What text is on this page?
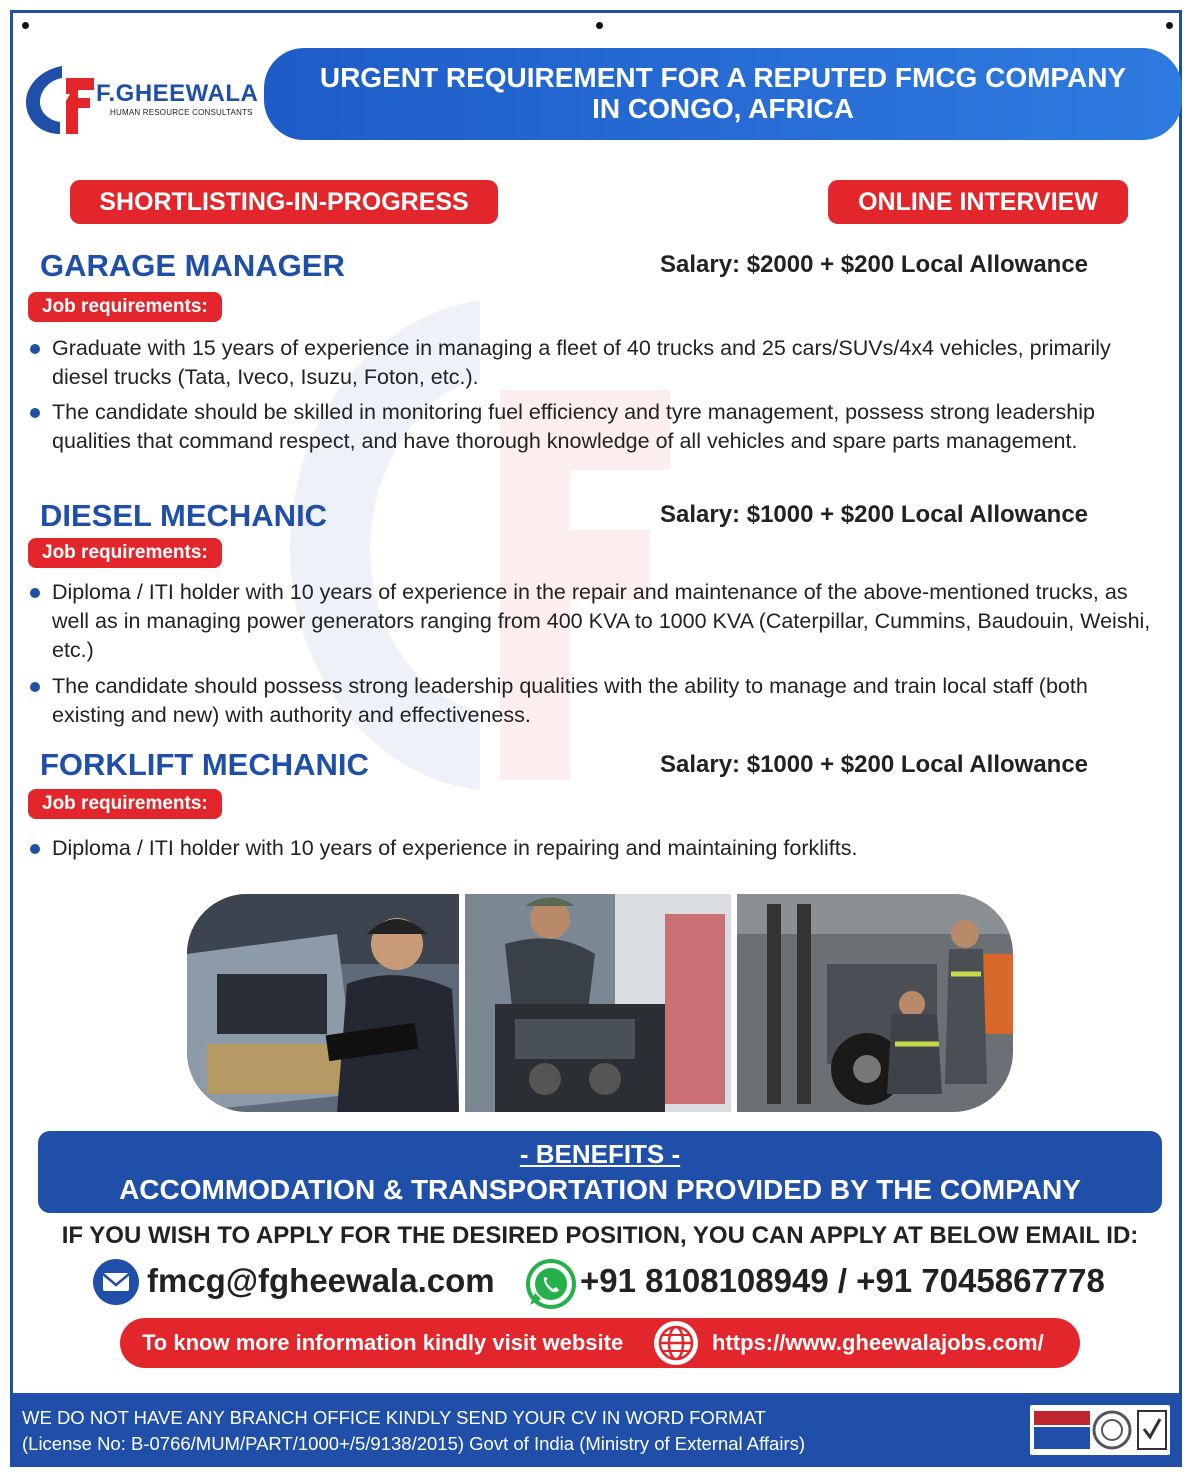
F.GHEEWALA
HUMAN RESOURCE CONSULTANTS
URGENT REQUIREMENT FOR A REPUTED FMCG COMPANY
IN CONGO, AFRICA
SHORTLISTING-IN-PROGRESS	ONLINE INTERVIEW
GARAGE MANAGER	Salary: $2000 + $200 Local Allowance
Job requirements:
Graduate with 15 years of experience in managing a fleet of 40 trucks and 25 cars/SUVs/4x4 vehicles, primarily diesel trucks (Tata, Iveco, Isuzu, Foton, etc.).
The candidate should be skilled in monitoring fuel efficiency and tyre management, possess strong leadership qualities that command respect, and have thorough knowledge of all vehicles and spare parts management.
DIESEL MECHANIC	Salary: $1000 + $200 Local Allowance
Job requirements:
Diploma / ITI holder with 10 years of experience in the repair and maintenance of the above-mentioned trucks, as well as in managing power generators ranging from 400 KVA to 1000 KVA (Caterpillar, Cummins, Baudouin, Weishi, etc.)
The candidate should possess strong leadership qualities with the ability to manage and train local staff (both existing and new) with authority and effectiveness.
FORKLIFT MECHANIC	Salary: $1000 + $200 Local Allowance
Job requirements:
Diploma / ITI holder with 10 years of experience in repairing and maintaining forklifts.
- BENEFITS -
ACCOMMODATION & TRANSPORTATION PROVIDED BY THE COMPANY
IF YOU WISH TO APPLY FOR THE DESIRED POSITION, YOU CAN APPLY AT BELOW EMAIL ID:
fmcg@fgheewala.com	+91 8108108949 / +91 7045867778
To know more information kindly visit website	https://www.gheewalajobs.com/
WE DO NOT HAVE ANY BRANCH OFFICE KINDLY SEND YOUR CV IN WORD FORMAT
(License No: B-0766/MUM/PART/1000+/5/9138/2015) Govt of India (Ministry of External Affairs)
